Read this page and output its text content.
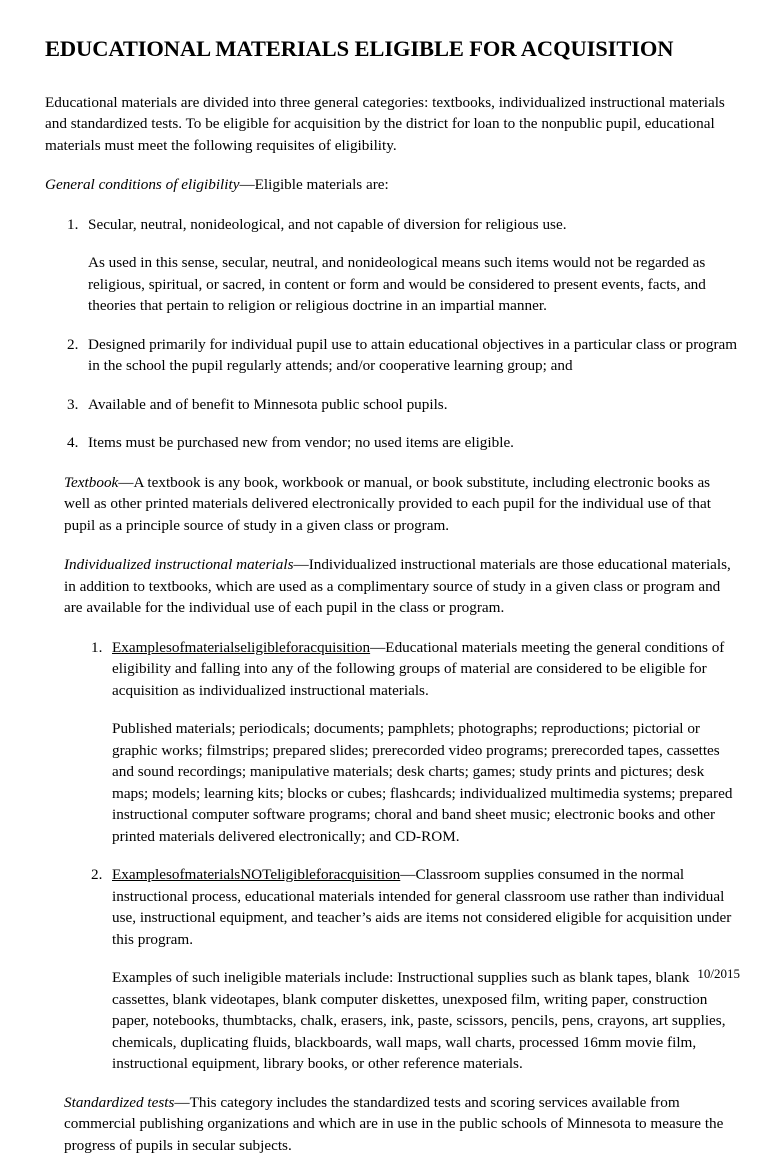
EDUCATIONAL MATERIALS ELIGIBLE FOR ACQUISITION

Educational materials are divided into three general categories: textbooks, individualized instructional materials and standardized tests. To be eligible for acquisition by the district for loan to the nonpublic pupil, educational materials must meet the following requisites of eligibility.

General conditions of eligibility—Eligible materials are:

1. Secular, neutral, nonideological, and not capable of diversion for religious use.

As used in this sense, secular, neutral, and nonideological means such items would not be regarded as religious, spiritual, or sacred, in content or form and would be considered to present events, facts, and theories that pertain to religion or religious doctrine in an impartial manner.

2. Designed primarily for individual pupil use to attain educational objectives in a particular class or program in the school the pupil regularly attends; and/or cooperative learning group; and

3. Available and of benefit to Minnesota public school pupils.

4. Items must be purchased new from vendor; no used items are eligible.

Textbook—A textbook is any book, workbook or manual, or book substitute, including electronic books as well as other printed materials delivered electronically provided to each pupil for the individual use of that pupil as a principle source of study in a given class or program.

Individualized instructional materials—Individualized instructional materials are those educational materials, in addition to textbooks, which are used as a complimentary source of study in a given class or program and are available for the individual use of each pupil in the class or program.

1. Examplesofmaterialseligibleforacquisition—Educational materials meeting the general conditions of eligibility and falling into any of the following groups of material are considered to be eligible for acquisition as individualized instructional materials.

Published materials; periodicals; documents; pamphlets; photographs; reproductions; pictorial or graphic works; filmstrips; prepared slides; prerecorded video programs; prerecorded tapes, cassettes and sound recordings; manipulative materials; desk charts; games; study prints and pictures; desk maps; models; learning kits; blocks or cubes; flashcards; individualized multimedia systems; prepared instructional computer software programs; choral and band sheet music; electronic books and other printed materials delivered electronically; and CD-ROM.

2. ExamplesofmaterialsNOTeligibleforacquisition—Classroom supplies consumed in the normal instructional process, educational materials intended for general classroom use rather than individual use, instructional equipment, and teacher’s aids are items not considered eligible for acquisition under this program.

Examples of such ineligible materials include: Instructional supplies such as blank tapes, blank cassettes, blank videotapes, blank computer diskettes, unexposed film, writing paper, construction paper, notebooks, thumbtacks, chalk, erasers, ink, paste, scissors, pencils, pens, crayons, art supplies, chemicals, duplicating fluids, blackboards, wall maps, wall charts, processed 16mm movie film, instructional equipment, library books, or other reference materials.

Standardized tests—This category includes the standardized tests and scoring services available from commercial publishing organizations and which are in use in the public schools of Minnesota to measure the progress of pupils in secular subjects.

10/2015
